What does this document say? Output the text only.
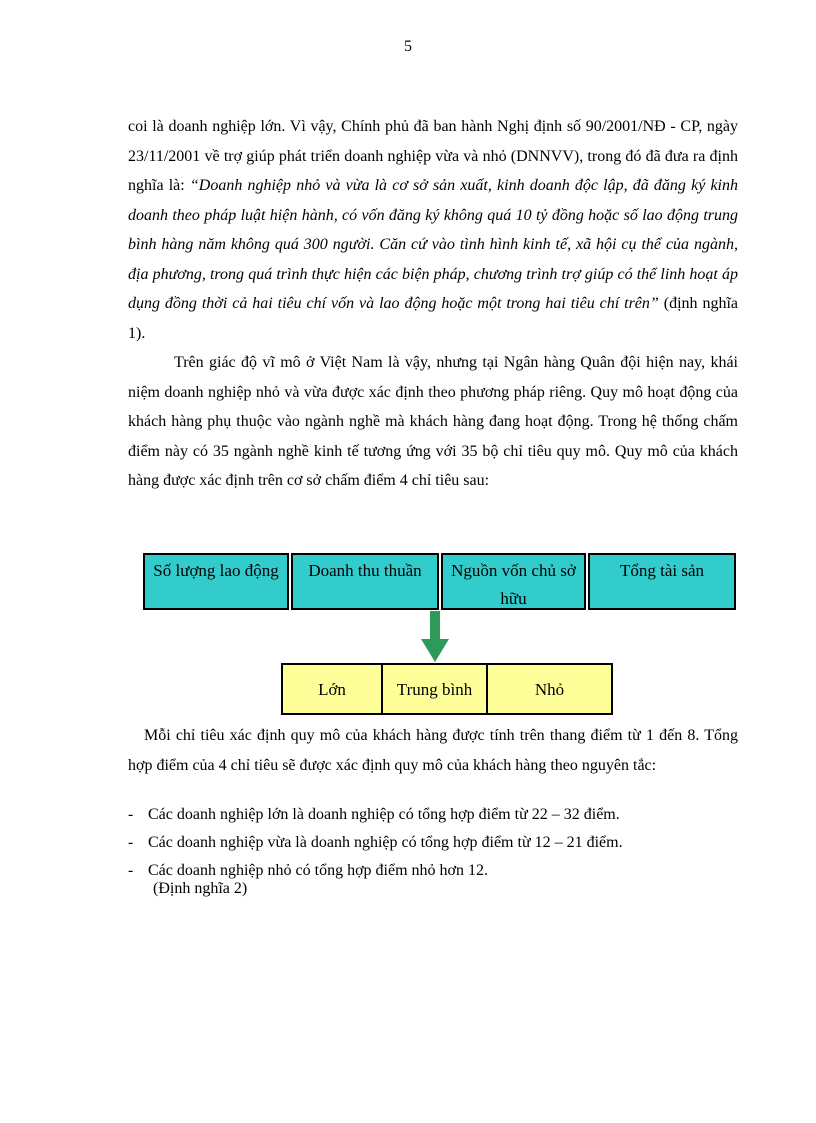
5

coi là doanh nghiệp lớn. Vì vậy, Chính phủ đã ban hành Nghị định số 90/2001/NĐ - CP, ngày 23/11/2001 về trợ giúp phát triển doanh nghiệp vừa và nhỏ (DNNVV), trong đó đã đưa ra định nghĩa là: “Doanh nghiệp nhỏ và vừa là cơ sở sản xuất, kinh doanh độc lập, đã đăng ký kinh doanh theo pháp luật hiện hành, có vốn đăng ký không quá 10 tỷ đồng hoặc số lao động trung bình hàng năm không quá 300 người. Căn cứ vào tình hình kinh tế, xã hội cụ thể của ngành, địa phương, trong quá trình thực hiện các biện pháp, chương trình trợ giúp có thể linh hoạt áp dụng đồng thời cả hai tiêu chí vốn và lao động hoặc một trong hai tiêu chí trên” (định nghĩa 1).

Trên giác độ vĩ mô ở Việt Nam là vậy, nhưng tại Ngân hàng Quân đội hiện nay, khái niệm doanh nghiệp nhỏ và vừa được xác định theo phương pháp riêng. Quy mô hoạt động của khách hàng phụ thuộc vào ngành nghề mà khách hàng đang hoạt động. Trong hệ thống chấm điểm này có 35 ngành nghề kinh tế tương ứng với 35 bộ chỉ tiêu quy mô. Quy mô của khách hàng được xác định trên cơ sở chấm điểm 4 chỉ tiêu sau:

Số lượng lao động	Doanh thu thuần	Nguồn vốn chủ sở hữu
Tổng tài sản
Lớn	Trung bình	Nhỏ

Mỗi chỉ tiêu xác định quy mô của khách hàng được tính trên thang điểm từ 1 đến 8. Tổng hợp điểm của 4 chỉ tiêu sẽ được xác định quy mô của khách hàng theo nguyên tắc:

- Các doanh nghiệp lớn là doanh nghiệp có tổng hợp điểm từ 22 – 32 điểm.
- Các doanh nghiệp vừa là doanh nghiệp có tổng hợp điểm từ 12 – 21 điểm.
- Các doanh nghiệp nhỏ có tổng hợp điểm nhỏ hơn 12.
(Định nghĩa 2)
